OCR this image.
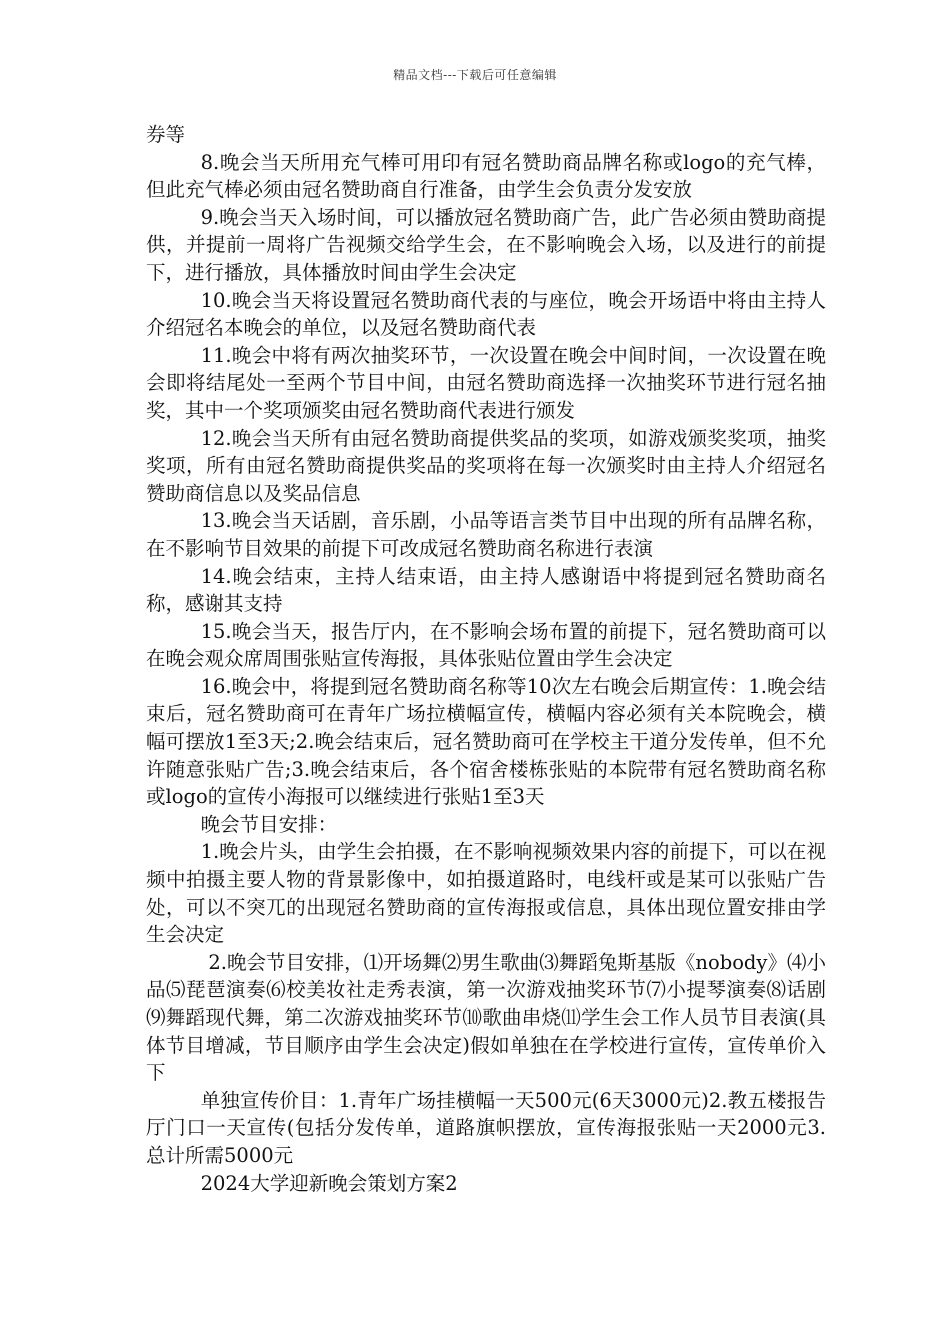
精品文档---下载后可任意编辑

券等

8.晚会当天所用充气棒可用印有冠名赞助商品牌名称或logo的充气棒，但此充气棒必须由冠名赞助商自行准备，由学生会负责分发安放

9.晚会当天入场时间，可以播放冠名赞助商广告，此广告必须由赞助商提供，并提前一周将广告视频交给学生会，在不影响晚会入场，以及进行的前提下，进行播放，具体播放时间由学生会决定

10.晚会当天将设置冠名赞助商代表的与座位，晚会开场语中将由主持人介绍冠名本晚会的单位，以及冠名赞助商代表

11.晚会中将有两次抽奖环节，一次设置在晚会中间时间，一次设置在晚会即将结尾处一至两个节目中间，由冠名赞助商选择一次抽奖环节进行冠名抽奖，其中一个奖项颁奖由冠名赞助商代表进行颁发

12.晚会当天所有由冠名赞助商提供奖品的奖项，如游戏颁奖奖项，抽奖奖项，所有由冠名赞助商提供奖品的奖项将在每一次颁奖时由主持人介绍冠名赞助商信息以及奖品信息

13.晚会当天话剧，音乐剧，小品等语言类节目中出现的所有品牌名称，在不影响节目效果的前提下可改成冠名赞助商名称进行表演

14.晚会结束，主持人结束语，由主持人感谢语中将提到冠名赞助商名称，感谢其支持

15.晚会当天，报告厅内，在不影响会场布置的前提下，冠名赞助商可以在晚会观众席周围张贴宣传海报，具体张贴位置由学生会决定

16.晚会中，将提到冠名赞助商名称等10次左右晚会后期宣传：1.晚会结束后，冠名赞助商可在青年广场拉横幅宣传，横幅内容必须有关本院晚会，横幅可摆放1至3天;2.晚会结束后，冠名赞助商可在学校主干道分发传单，但不允许随意张贴广告;3.晚会结束后，各个宿舍楼栋张贴的本院带有冠名赞助商名称或logo的宣传小海报可以继续进行张贴1至3天

晚会节目安排：

1.晚会片头，由学生会拍摄，在不影响视频效果内容的前提下，可以在视频中拍摄主要人物的背景影像中，如拍摄道路时，电线杆或是某可以张贴广告处，可以不突兀的出现冠名赞助商的宣传海报或信息，具体出现位置安排由学生会决定

2.晚会节目安排，⑴开场舞⑵男生歌曲⑶舞蹈兔斯基版《nobody》⑷小品⑸琵琶演奏⑹校美妆社走秀表演，第一次游戏抽奖环节⑺小提琴演奏⑻话剧⑼舞蹈现代舞，第二次游戏抽奖环节⑽歌曲串烧⑾学生会工作人员节目表演(具体节目增减，节目顺序由学生会决定)假如单独在在学校进行宣传，宣传单价入下

单独宣传价目：1.青年广场挂横幅一天500元(6天3000元)2.教五楼报告厅门口一天宣传(包括分发传单，道路旗帜摆放，宣传海报张贴一天2000元3.总计所需5000元

2024大学迎新晚会策划方案2
